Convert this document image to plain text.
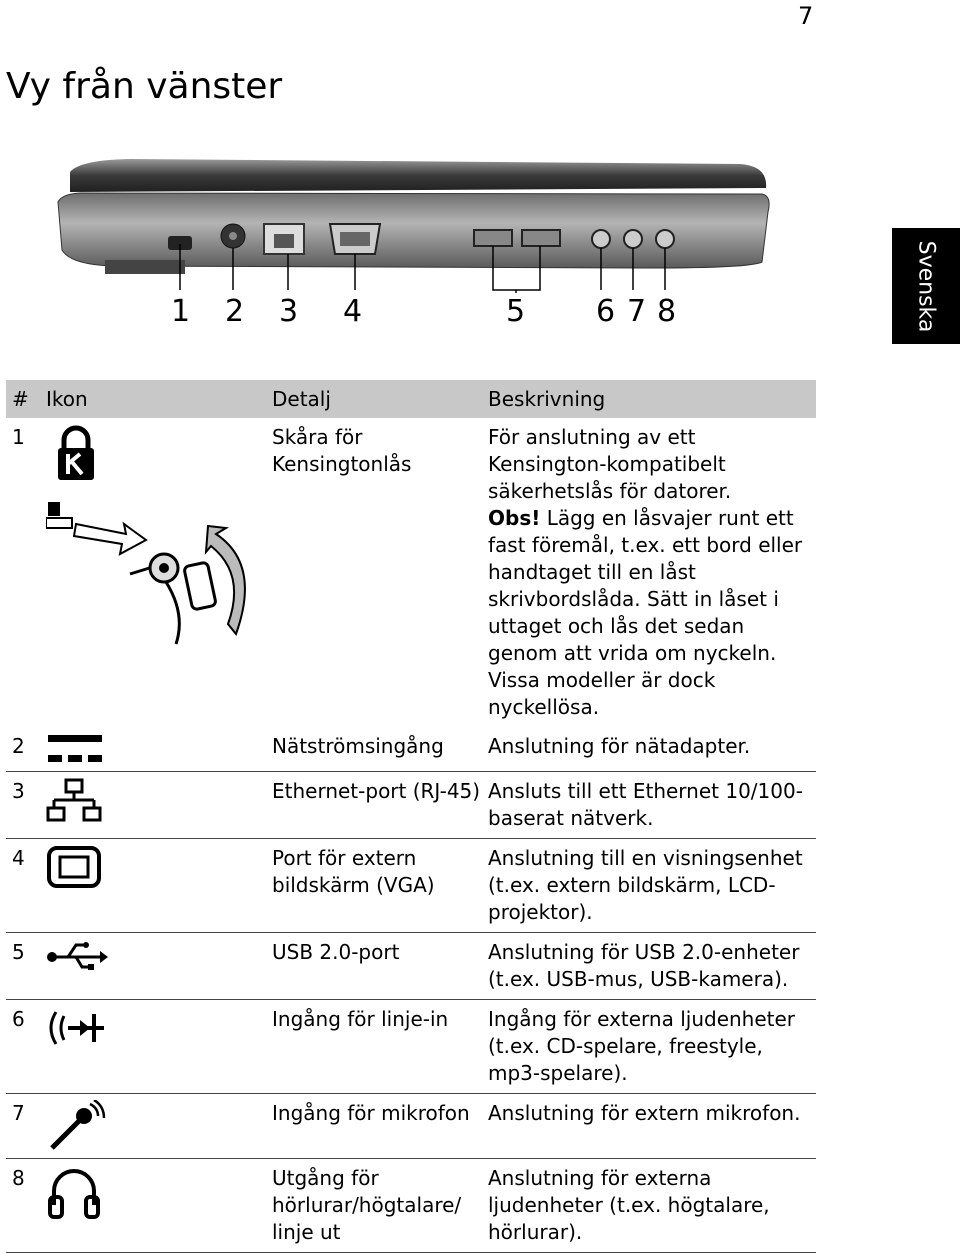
7
Vy från vänster
Svenska
1 2 3 4	5 6 7 8
#	Ikon	Detalj	Beskrivning
1		Skåra för Kensingtonlås	För anslutning av ett Kensington-kompatibelt säkerhetslås för datorer.
Obs! Lägg en låsvajer runt ett fast föremål, t.ex. ett bord eller handtaget till en låst skrivbordslåda. Sätt in låset i uttaget och lås det sedan genom att vrida om nyckeln. Vissa modeller är dock nyckellösa.
2		Nätströmsingång	Anslutning för nätadapter.
3		Ethernet-port (RJ-45)	Ansluts till ett Ethernet 10/100-baserat nätverk.
4		Port för extern bildskärm (VGA)	Anslutning till en visningsenhet (t.ex. extern bildskärm, LCD-projektor).
5		USB 2.0-port	Anslutning för USB 2.0-enheter (t.ex. USB-mus, USB-kamera).
6		Ingång för linje-in	Ingång för externa ljudenheter (t.ex. CD-spelare, freestyle, mp3-spelare).
7		Ingång för mikrofon	Anslutning för extern mikrofon.
8		Utgång för hörlurar/högtalare/ linje ut	Anslutning för externa ljudenheter (t.ex. högtalare, hörlurar).
